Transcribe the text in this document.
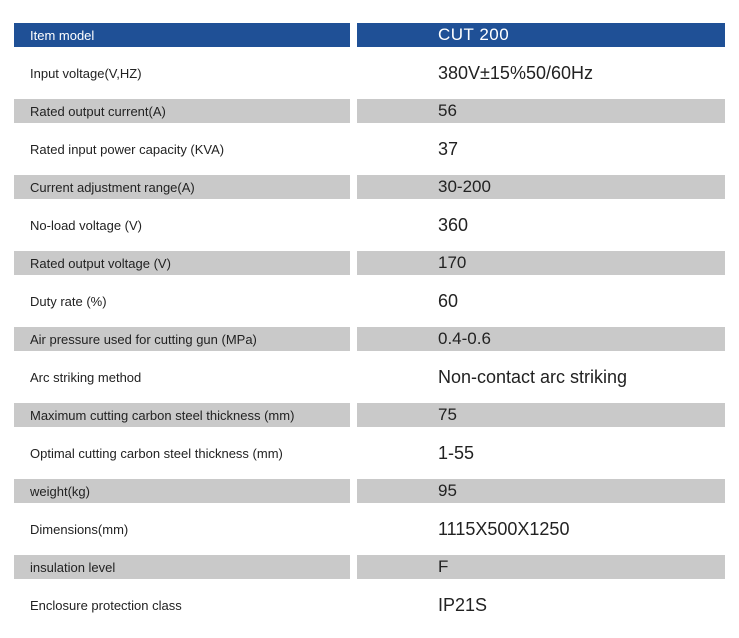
Item model	CUT 200
Input voltage(V,HZ)	380V±15%50/60Hz
Rated output current(A)	56
Rated input power capacity (KVA)	37
Current adjustment range(A)	30-200
No-load voltage (V)	360
Rated output voltage (V)	170
Duty rate (%)	60
Air pressure used for cutting gun (MPa)	0.4-0.6
Arc striking method	Non-contact arc striking
Maximum cutting carbon steel thickness (mm)	75
Optimal cutting carbon steel thickness (mm)	1-55
weight(kg)	95
Dimensions(mm)	1115X500X1250
insulation level	F
Enclosure protection class	IP21S
